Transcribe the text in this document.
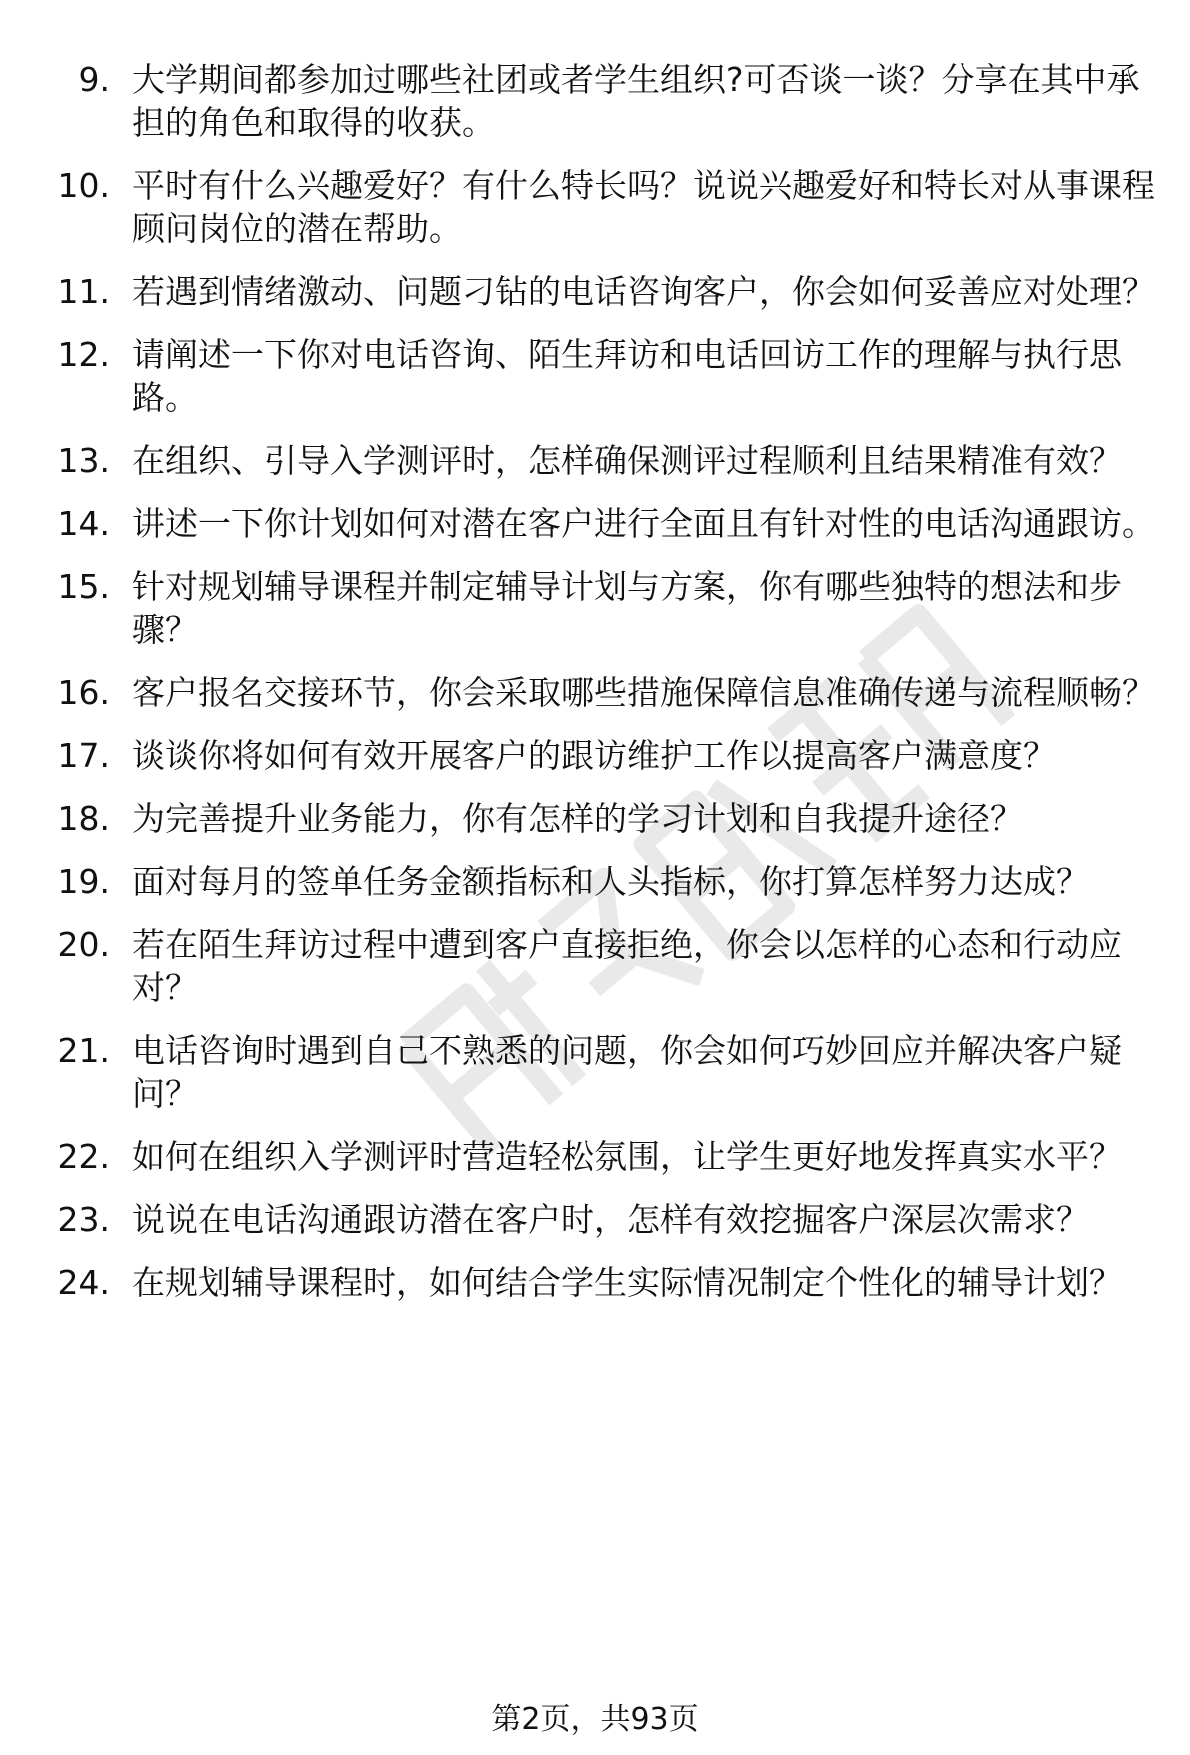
9. 大学期间都参加过哪些社团或者学生组织?可否谈一谈？分享在其中承担的角色和取得的收获。
10. 平时有什么兴趣爱好？有什么特长吗？说说兴趣爱好和特长对从事课程顾问岗位的潜在帮助。
11. 若遇到情绪激动、问题刁钻的电话咨询客户，你会如何妥善应对处理？
12. 请阐述一下你对电话咨询、陌生拜访和电话回访工作的理解与执行思路。
13. 在组织、引导入学测评时，怎样确保测评过程顺利且结果精准有效？
14. 讲述一下你计划如何对潜在客户进行全面且有针对性的电话沟通跟访。
15. 针对规划辅导课程并制定辅导计划与方案，你有哪些独特的想法和步骤？
16. 客户报名交接环节，你会采取哪些措施保障信息准确传递与流程顺畅？
17. 谈谈你将如何有效开展客户的跟访维护工作以提高客户满意度？
18. 为完善提升业务能力，你有怎样的学习计划和自我提升途径？
19. 面对每月的签单任务金额指标和人头指标，你打算怎样努力达成？
20. 若在陌生拜访过程中遭到客户直接拒绝，你会以怎样的心态和行动应对？
21. 电话咨询时遇到自己不熟悉的问题，你会如何巧妙回应并解决客户疑问？
22. 如何在组织入学测评时营造轻松氛围，让学生更好地发挥真实水平？
23. 说说在电话沟通跟访潜在客户时，怎样有效挖掘客户深层次需求？
24. 在规划辅导课程时，如何结合学生实际情况制定个性化的辅导计划？
第2页，共93页
